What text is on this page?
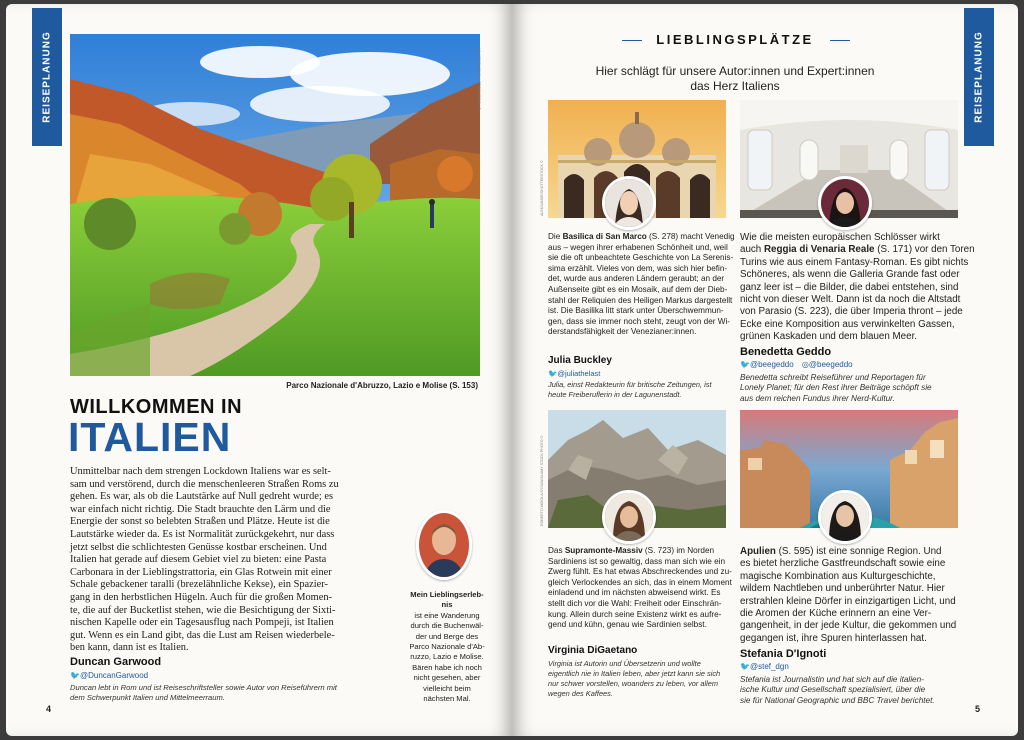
REISEPLANUNG	VALERIOMEI/SHUTTERSTOCK ©
Parco Nazionale d'Abruzzo, Lazio e Molise (S. 153)
WILLKOMMEN IN
ITALIEN
Unmittelbar nach dem strengen Lockdown Italiens war es selt-
sam und verstörend, durch die menschenleeren Straßen Roms zu
gehen. Es war, als ob die Lautstärke auf Null gedreht wurde; es
war einfach nicht richtig. Die Stadt brauchte den Lärm und die
Energie der sonst so belebten Straßen und Plätze. Heute ist die
Lautstärke wieder da. Es ist Normalität zurückgekehrt, nur dass
jetzt selbst die schlichtesten Genüsse kostbar erscheinen. Und
Italien hat gerade auf diesem Gebiet viel zu bieten: eine Pasta
Carbonara in der Lieblingstrattoria, ein Glas Rotwein mit einer
Schale gebackener taralli (brezelähnliche Kekse), ein Spazier-
gang in den herbstlichen Hügeln. Auch für die großen Momen-
te, die auf der Bucketlist stehen, wie die Besichtigung der Sixti-
nischen Kapelle oder ein Tagesausflug nach Pompeji, ist Italien
gut. Wenn es ein Land gibt, das die Lust am Reisen wiederbele-
ben kann, dann ist es Italien.
Duncan Garwood
🐦@DuncanGarwood
Duncan lebt in Rom und ist Reiseschriftsteller sowie Autor von Reiseführern mit
dem Schwerpunkt Italien und Mittelmeerraum.
Mein Lieblingserleb-nis
ist eine Wanderung
durch die Buchenwäl-
der und Berge des
Parco Nazionale d'Ab-
ruzzo, Lazio e Molise.
Bären habe ich noch
nicht gesehen, aber
vielleicht beim
nächsten Mal.
4
REISEPLANUNG
LIEBLINGSPLÄTZE
Hier schlägt für unsere Autor:innen und Expert:innen
das Herz Italiens
ALEKSANDR/SHUTTERSTOCK ©
Die Basilica di San Marco (S. 278) macht Venedig
aus – wegen ihrer erhabenen Schönheit und, weil
sie die oft unbeachtete Geschichte von La Serenis-
sima erzählt. Vieles von dem, was sich hier befin-
det, wurde aus anderen Ländern geraubt; an der
Außenseite gibt es ein Mosaik, auf dem der Dieb-
stahl der Reliquien des Heiligen Markus dargestellt
ist. Die Basilika litt stark unter Überschwemmun-
gen, dass sie immer noch steht, zeugt von der Wi-
derstandsfähigkeit der Venezianer:innen.
Julia Buckley
🐦@juliathelast
Julia, einst Redakteurin für britische Zeitungen, ist
heute Freiberuflerin in der Lagunenstadt.
Wie die meisten europäischen Schlösser wirkt
auch Reggia di Venaria Reale (S. 171) vor den Toren
Turins wie aus einem Fantasy-Roman. Es gibt nichts
Schöneres, als wenn die Galleria Grande fast oder
ganz leer ist – die Bilder, die dabei entstehen, sind
nicht von dieser Welt. Dann ist da noch die Altstadt
von Parasio (S. 223), die über Imperia thront – jede
Ecke eine Komposition aus verwinkelten Gassen,
grünen Kaskaden und dem blauen Meer.
Benedetta Geddo
🐦@beegeddo ◎@beegeddo
Benedetta schreibt Reiseführer und Reportagen für
Lonely Planet; für den Rest ihrer Beiträge schöpft sie
aus dem reichen Fundus ihrer Nerd-Kultur.
ROBERTO MOIOLA/SYSAW/ALAMY STOCK PHOTO ©
Das Supramonte-Massiv (S. 723) im Norden
Sardiniens ist so gewaltig, dass man sich wie ein
Zwerg fühlt. Es hat etwas Abschreckendes und zu-
gleich Verlockendes an sich, das in einem Moment
einladend und im nächsten abweisend wirkt. Es
stellt dich vor die Wahl: Freiheit oder Einschrän-
kung. Allein durch seine Existenz wirkt es aufre-
gend und kühn, genau wie Sardinien selbst.
Virginia DiGaetano
Virginia ist Autorin und Übersetzerin und wollte
eigentlich nie in Italien leben, aber jetzt kann sie sich
nur schwer vorstellen, woanders zu leben, vor allem
wegen des Kaffees.
Apulien (S. 595) ist eine sonnige Region. Und
es bietet herzliche Gastfreundschaft sowie eine
magische Kombination aus Kulturgeschichte,
wildem Nachtleben und unberührter Natur. Hier
erstrahlen kleine Dörfer in einzigartigen Licht, und
die Aromen der Küche erinnern an eine Ver-
gangenheit, in der jede Kultur, die gekommen und
gegangen ist, ihre Spuren hinterlassen hat.
Stefania D'Ignoti
🐦@stef_dgn
Stefania ist Journalistin und hat sich auf die italien-
ische Kultur und Gesellschaft spezialisiert, über die
sie für National Geographic und BBC Travel berichtet.
5
